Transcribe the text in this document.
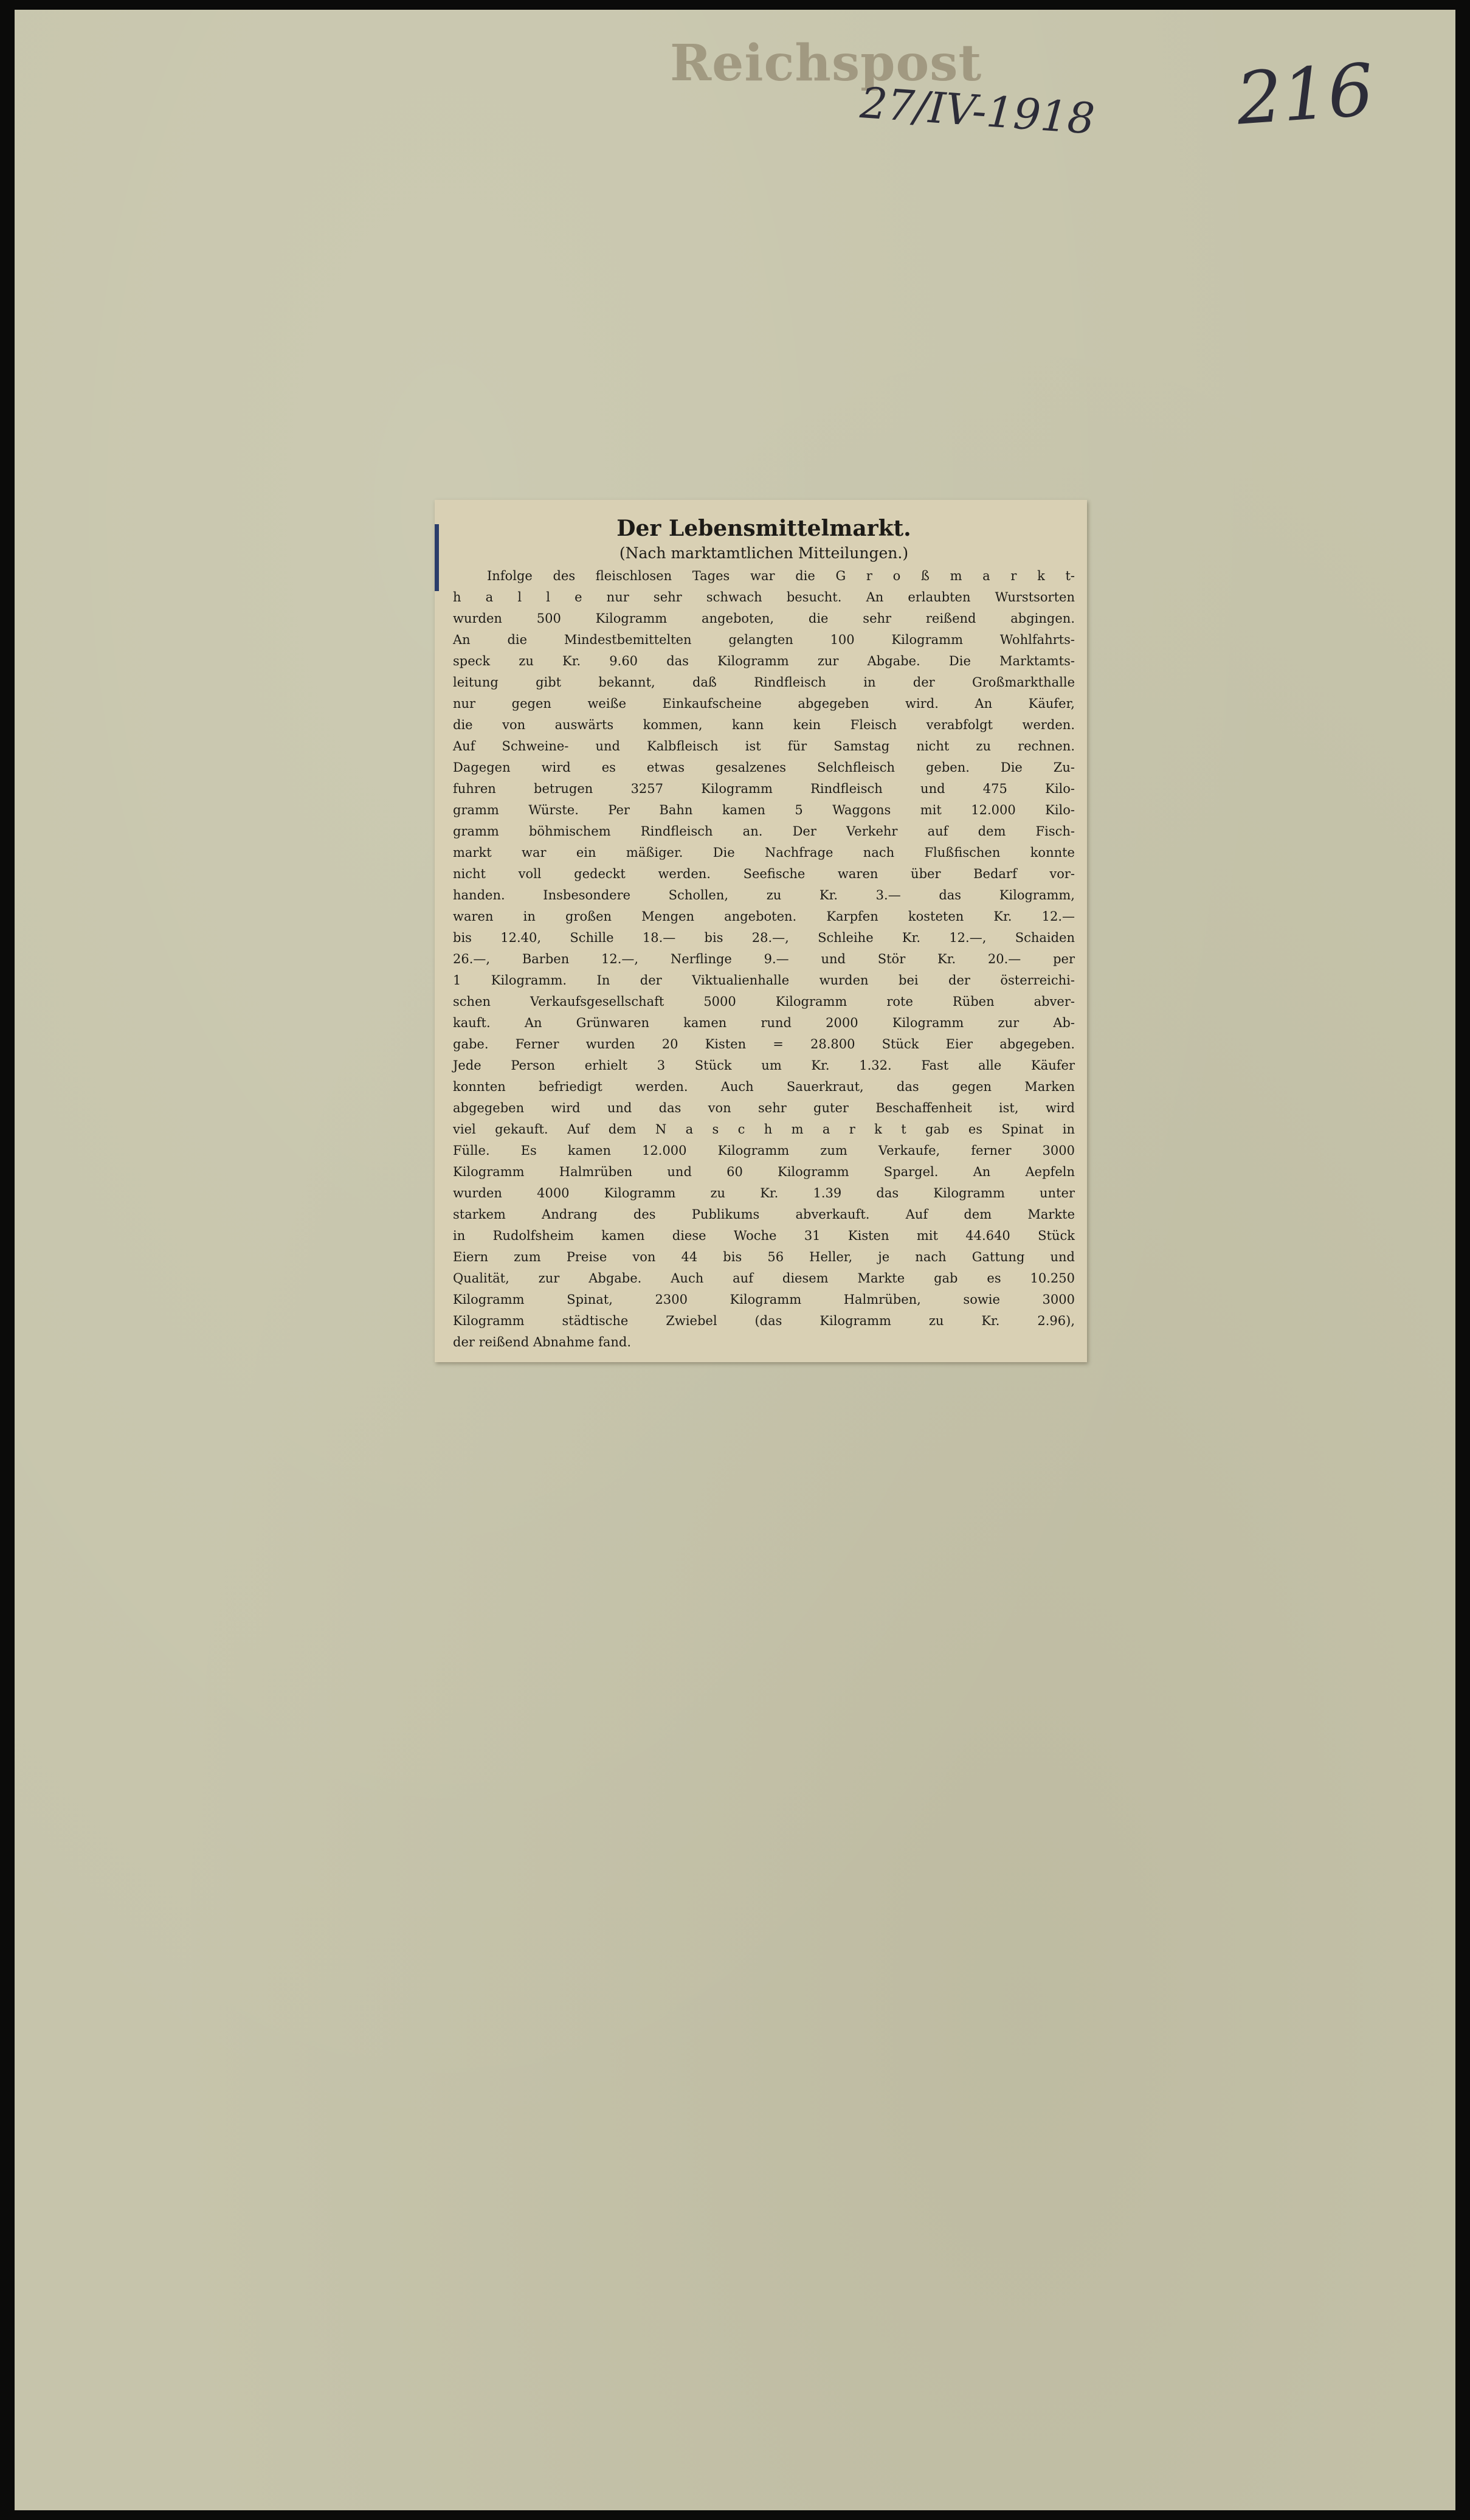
Reichspost
27/IV-1918 216
Der Lebensmittelmarkt.
(Nach marktamtlichen Mitteilungen.)
Infolge des fleischlosen Tages war die G r o ß m a r k t-
h a l l e nur sehr schwach besucht. An erlaubten Wurstsorten
wurden 500 Kilogramm angeboten, die sehr reißend abgingen.
An die Mindestbemittelten gelangten 100 Kilogramm Wohlfahrts-
speck zu Kr. 9.60 das Kilogramm zur Abgabe. Die Marktamts-
leitung gibt bekannt, daß Rindfleisch in der Großmarkthalle
nur gegen weiße Einkaufscheine abgegeben wird. An Käufer,
die von auswärts kommen, kann kein Fleisch verabfolgt werden.
Auf Schweine- und Kalbfleisch ist für Samstag nicht zu rechnen.
Dagegen wird es etwas gesalzenes Selchfleisch geben. Die Zu-
fuhren betrugen 3257 Kilogramm Rindfleisch und 475 Kilo-
gramm Würste. Per Bahn kamen 5 Waggons mit 12.000 Kilo-
gramm böhmischem Rindfleisch an. Der Verkehr auf dem Fisch-
markt war ein mäßiger. Die Nachfrage nach Flußfischen konnte
nicht voll gedeckt werden. Seefische waren über Bedarf vor-
handen. Insbesondere Schollen, zu Kr. 3.— das Kilogramm,
waren in großen Mengen angeboten. Karpfen kosteten Kr. 12.—
bis 12.40, Schille 18.— bis 28.—, Schleihe Kr. 12.—, Schaiden
26.—, Barben 12.—, Nerflinge 9.— und Stör Kr. 20.— per
1 Kilogramm. In der Viktualienhalle wurden bei der österreichi-
schen Verkaufsgesellschaft 5000 Kilogramm rote Rüben abver-
kauft. An Grünwaren kamen rund 2000 Kilogramm zur Ab-
gabe. Ferner wurden 20 Kisten = 28.800 Stück Eier abgegeben.
Jede Person erhielt 3 Stück um Kr. 1.32. Fast alle Käufer
konnten befriedigt werden. Auch Sauerkraut, das gegen Marken
abgegeben wird und das von sehr guter Beschaffenheit ist, wird
viel gekauft. Auf dem N a s c h m a r k t gab es Spinat in
Fülle. Es kamen 12.000 Kilogramm zum Verkaufe, ferner 3000
Kilogramm Halmrüben und 60 Kilogramm Spargel. An Aepfeln
wurden 4000 Kilogramm zu Kr. 1.39 das Kilogramm unter
starkem Andrang des Publikums abverkauft. Auf dem Markte
in Rudolfsheim kamen diese Woche 31 Kisten mit 44.640 Stück
Eiern zum Preise von 44 bis 56 Heller, je nach Gattung und
Qualität, zur Abgabe. Auch auf diesem Markte gab es 10.250
Kilogramm Spinat, 2300 Kilogramm Halmrüben, sowie 3000
Kilogramm städtische Zwiebel (das Kilogramm zu Kr. 2.96),
der reißend Abnahme fand.
